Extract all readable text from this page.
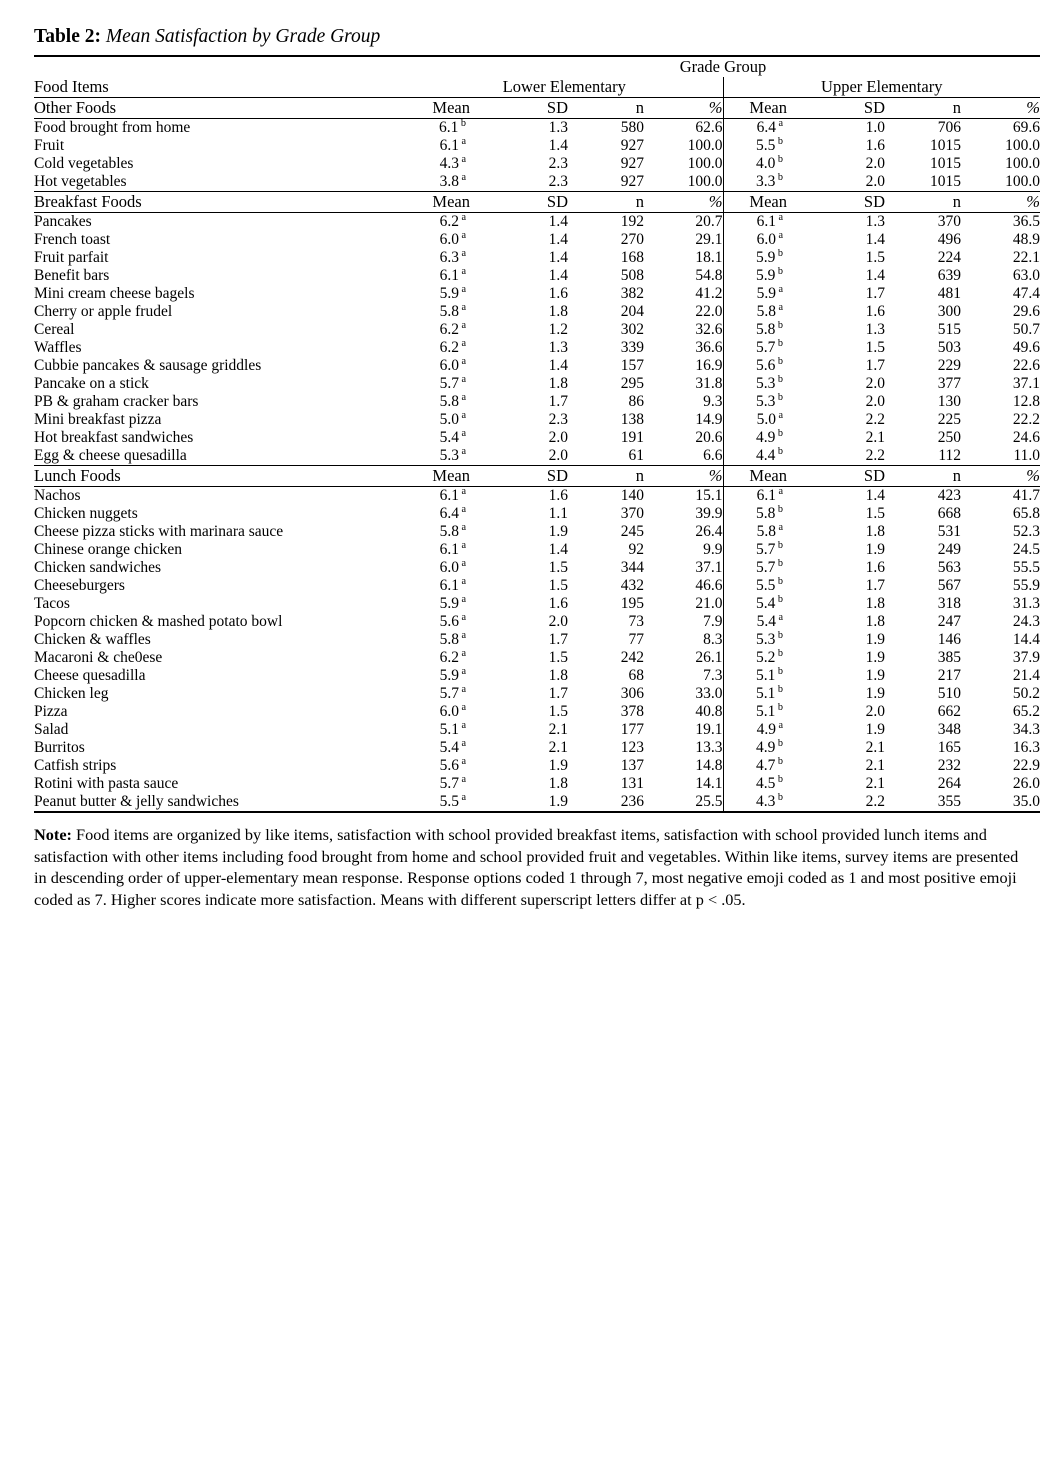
Table 2: Mean Satisfaction by Grade Group

	Grade Group							
Food Items	Lower Elementary				Upper Elementary			
Other Foods	Mean	SD	n	%	Mean	SD	n	%
Food brought from home	6.1 $^b$	1.3	580	62.6	6.4 $^a$	1.0	706	69.6
Fruit	6.1 $^a$	1.4	927	100.0	5.5 $^b$	1.6	1015	100.0
Cold vegetables	4.3 $^a$	2.3	927	100.0	4.0 $^b$	2.0	1015	100.0
Hot vegetables	3.8 $^a$	2.3	927	100.0	3.3 $^b$	2.0	1015	100.0
Breakfast Foods	Mean	SD	n	%	Mean	SD	n	%
Pancakes	6.2 $^a$	1.4	192	20.7	6.1 $^a$	1.3	370	36.5
French toast	6.0 $^a$	1.4	270	29.1	6.0 $^a$	1.4	496	48.9
Fruit parfait	6.3 $^a$	1.4	168	18.1	5.9 $^b$	1.5	224	22.1
Benefit bars	6.1 $^a$	1.4	508	54.8	5.9 $^b$	1.4	639	63.0
Mini cream cheese bagels	5.9 $^a$	1.6	382	41.2	5.9 $^a$	1.7	481	47.4
Cherry or apple frudel	5.8 $^a$	1.8	204	22.0	5.8 $^a$	1.6	300	29.6
Cereal	6.2 $^a$	1.2	302	32.6	5.8 $^b$	1.3	515	50.7
Waffles	6.2 $^a$	1.3	339	36.6	5.7 $^b$	1.5	503	49.6
Cubbie pancakes & sausage griddles	6.0 $^a$	1.4	157	16.9	5.6 $^b$	1.7	229	22.6
Pancake on a stick	5.7 $^a$	1.8	295	31.8	5.3 $^b$	2.0	377	37.1
PB & graham cracker bars	5.8 $^a$	1.7	86	9.3	5.3 $^b$	2.0	130	12.8
Mini breakfast pizza	5.0 $^a$	2.3	138	14.9	5.0 $^a$	2.2	225	22.2
Hot breakfast sandwiches	5.4 $^a$	2.0	191	20.6	4.9 $^b$	2.1	250	24.6
Egg & cheese quesadilla	5.3 $^a$	2.0	61	6.6	4.4 $^b$	2.2	112	11.0
Lunch Foods	Mean	SD	n	%	Mean	SD	n	%
Nachos	6.1 $^a$	1.6	140	15.1	6.1 $^a$	1.4	423	41.7
Chicken nuggets	6.4 $^a$	1.1	370	39.9	5.8 $^b$	1.5	668	65.8
Cheese pizza sticks with marinara sauce	5.8 $^a$	1.9	245	26.4	5.8 $^a$	1.8	531	52.3
Chinese orange chicken	6.1 $^a$	1.4	92	9.9	5.7 $^b$	1.9	249	24.5
Chicken sandwiches	6.0 $^a$	1.5	344	37.1	5.7 $^b$	1.6	563	55.5
Cheeseburgers	6.1 $^a$	1.5	432	46.6	5.5 $^b$	1.7	567	55.9
Tacos	5.9 $^a$	1.6	195	21.0	5.4 $^b$	1.8	318	31.3
Popcorn chicken & mashed potato bowl	5.6 $^a$	2.0	73	7.9	5.4 $^a$	1.8	247	24.3
Chicken & waffles	5.8 $^a$	1.7	77	8.3	5.3 $^b$	1.9	146	14.4
Macaroni & che0ese	6.2 $^a$	1.5	242	26.1	5.2 $^b$	1.9	385	37.9
Cheese quesadilla	5.9 $^a$	1.8	68	7.3	5.1 $^b$	1.9	217	21.4
Chicken leg	5.7 $^a$	1.7	306	33.0	5.1 $^b$	1.9	510	50.2
Pizza	6.0 $^a$	1.5	378	40.8	5.1 $^b$	2.0	662	65.2
Salad	5.1 $^a$	2.1	177	19.1	4.9 $^a$	1.9	348	34.3
Burritos	5.4 $^a$	2.1	123	13.3	4.9 $^b$	2.1	165	16.3
Catfish strips	5.6 $^a$	1.9	137	14.8	4.7 $^b$	2.1	232	22.9
Rotini with pasta sauce	5.7 $^a$	1.8	131	14.1	4.5 $^b$	2.1	264	26.0
Peanut butter & jelly sandwiches	5.5 $^a$	1.9	236	25.5	4.3 $^b$	2.2	355	35.0

Note: Food items are organized by like items, satisfaction with school provided breakfast items, satisfaction with school provided lunch items and satisfaction with other items including food brought from home and school provided fruit and vegetables. Within like items, survey items are presented in descending order of upper-elementary mean response. Response options coded 1 through 7, most negative emoji coded as 1 and most positive emoji coded as 7. Higher scores indicate more satisfaction. Means with different superscript letters differ at p < .05.
